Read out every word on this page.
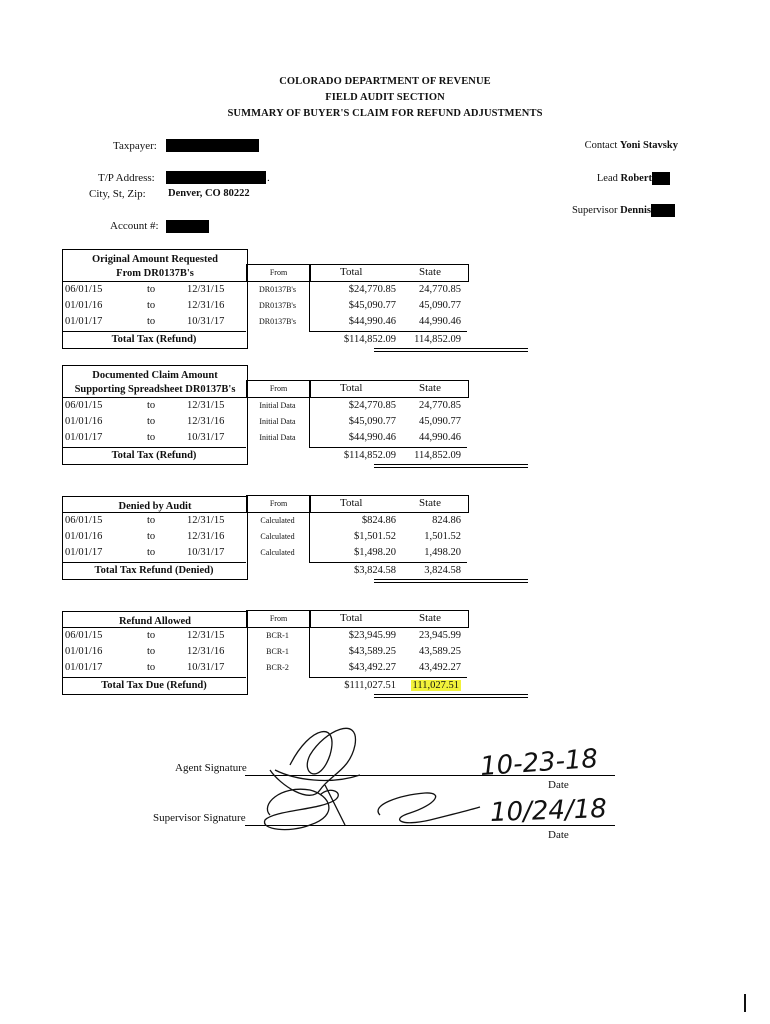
COLORADO DEPARTMENT OF REVENUE
FIELD AUDIT SECTION
SUMMARY OF BUYER'S CLAIM FOR REFUND ADJUSTMENTS
Taxpayer:
T/P Address:	.
City, St, Zip: Denver, CO 80222
Account #:
Contact Yoni Stavsky
Lead Robert
Supervisor Dennis
Original Amount Requested
From DR0137B's	From	Total	State
06/01/15	to	12/31/15	DR0137B's	$24,770.85	24,770.85
01/01/16	to	12/31/16	DR0137B's	$45,090.77	45,090.77
01/01/17	to	10/31/17	DR0137B's	$44,990.46	44,990.46
Total Tax (Refund)	$114,852.09	114,852.09
Documented Claim Amount
Supporting Spreadsheet DR0137B's	From	Total	State
06/01/15	to	12/31/15	Initial Data	$24,770.85	24,770.85
01/01/16	to	12/31/16	Initial Data	$45,090.77	45,090.77
01/01/17	to	10/31/17	Initial Data	$44,990.46	44,990.46
Total Tax (Refund)	$114,852.09	114,852.09
Denied by Audit	From	Total	State
06/01/15	to	12/31/15	Calculated	$824.86	824.86
01/01/16	to	12/31/16	Calculated	$1,501.52	1,501.52
01/01/17	to	10/31/17	Calculated	$1,498.20	1,498.20
Total Tax Refund (Denied)	$3,824.58	3,824.58
Refund Allowed	From	Total	State
06/01/15	to	12/31/15	BCR-1	$23,945.99	23,945.99
01/01/16	to	12/31/16	BCR-1	$43,589.25	43,589.25
01/01/17	to	10/31/17	BCR-2	$43,492.27	43,492.27
Total Tax Due (Refund)	$111,027.51	111,027.51
Agent Signature
Date
Supervisor Signature
Date
10-23-18
10/24/18
